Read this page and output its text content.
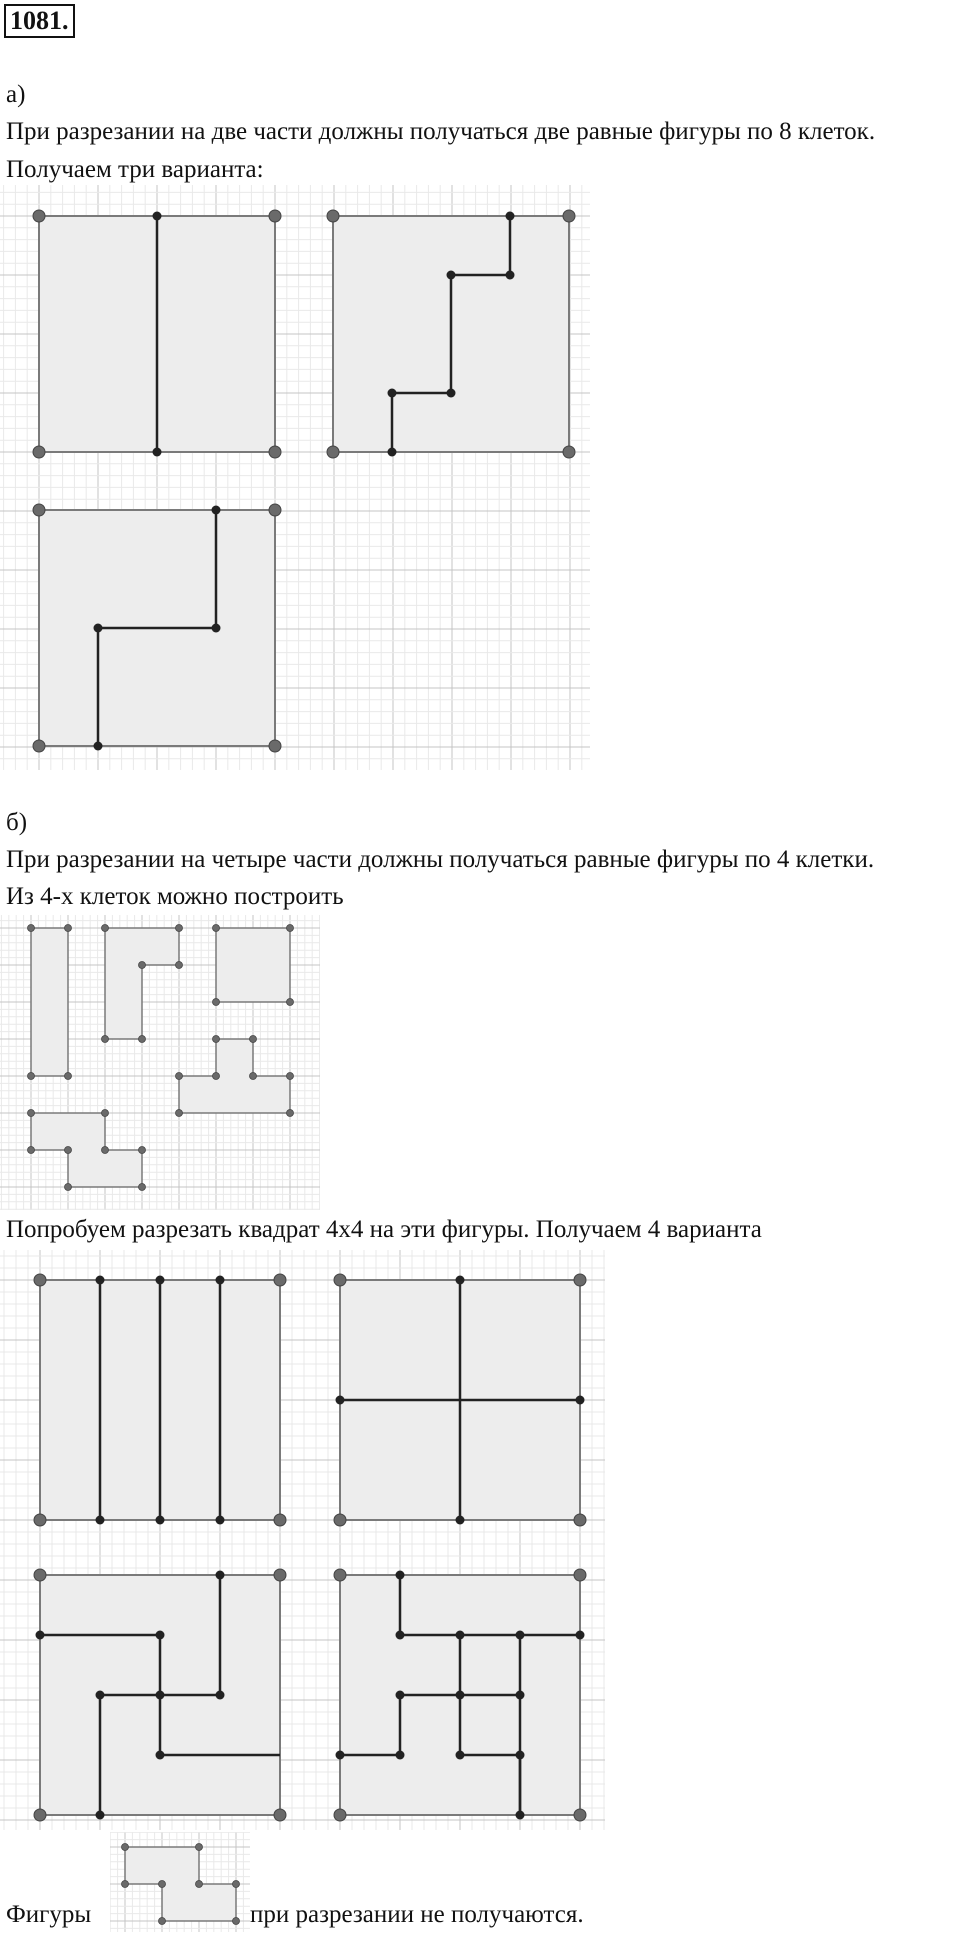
1081.
а)
При разрезании на две части должны получаться две равные фигуры по 8 клеток.
Получаем три варианта:
б)
При разрезании на четыре части должны получаться равные фигуры по 4 клетки.
Из 4-х клеток можно построить
Попробуем разрезать квадрат 4х4 на эти фигуры. Получаем 4 варианта
Фигуры	при разрезании не получаются.
